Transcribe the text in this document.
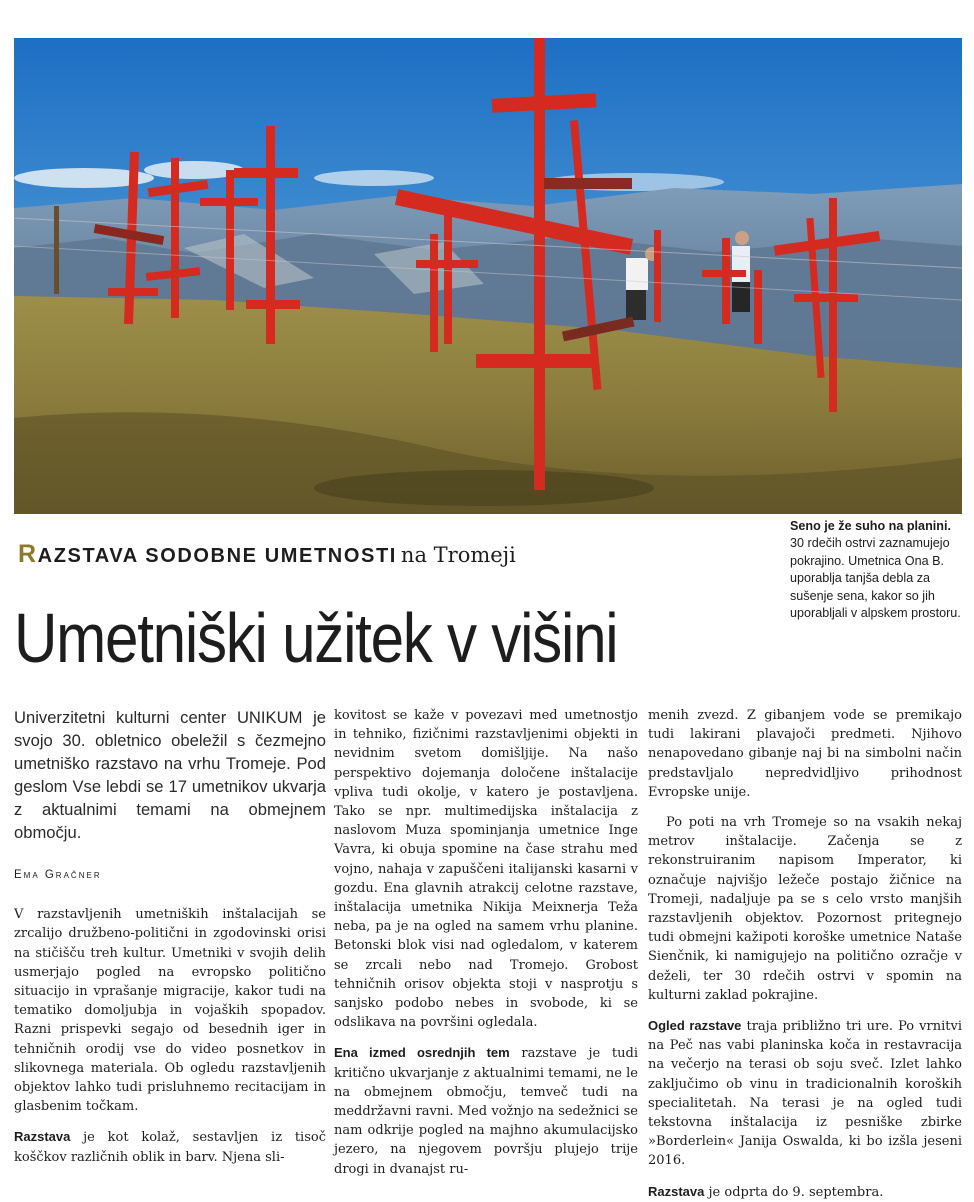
Seno je že suho na planini. 30 rdečih ostrvi zaznamujejo pokrajino. Umetnica Ona B. uporablja tanjša debla za sušenje sena, kakor so jih uporabljali v alpskem prostoru.
RAZSTAVA SODOBNE UMETNOSTI na Tromeji
Umetniški užitek v višini

Univerzitetni kulturni center UNIKUM je svojo 30. obletnico obeležil s čezmejno umetniško razstavo na vrhu Tromeje. Pod geslom Vse lebdi se 17 umetnikov ukvarja z aktualnimi temami na obmejnem območju.

Ema Gračner

V razstavljenih umetniških inštalacijah se zrcalijo družbeno-politični in zgodovinski orisi na stičišču treh kultur. Umetniki v svojih delih usmerjajo pogled na evropsko politično situacijo in vprašanje migracije, kakor tudi na tematiko domoljubja in vojaških spopadov. Razni prispevki segajo od besednih iger in tehničnih orodij vse do video posnetkov in slikovnega materiala. Ob ogledu razstavljenih objektov lahko tudi prisluhnemo recitacijam in glasbenim točkam.

Razstava je kot kolaž, sestavljen iz tisoč koščkov različnih oblik in barv. Njena sli-

kovitost se kaže v povezavi med umetnostjo in tehniko, fizičnimi razstavljenimi objekti in nevidnim svetom domišljije. Na našo perspektivo dojemanja določene inštalacije vpliva tudi okolje, v katero je postavljena. Tako se npr. multimedijska inštalacija z naslovom Muza spominjanja umetnice Inge Vavra, ki obuja spomine na čase strahu med vojno, nahaja v zapuščeni italijanski kasarni v gozdu. Ena glavnih atrakcij celotne razstave, inštalacija umetnika Nikija Meixnerja Teža neba, pa je na ogled na samem vrhu planine. Betonski blok visi nad ogledalom, v katerem se zrcali nebo nad Tromejo. Grobost tehničnih orisov objekta stoji v nasprotju s sanjsko podobo nebes in svobode, ki se odslikava na površini ogledala.

Ena izmed osrednjih tem razstave je tudi kritično ukvarjanje z aktualnimi temami, ne le na obmejnem območju, temveč tudi na meddržavni ravni. Med vožnjo na sedežnici se nam odkrije pogled na majhno akumulacijsko jezero, na njegovem površju plujejo trije drogi in dvanajst ru-

menih zvezd. Z gibanjem vode se premikajo tudi lakirani plavajoči predmeti. Njihovo nenapovedano gibanje naj bi na simbolni način predstavljalo nepredvidljivo prihodnost Evropske unije.

Po poti na vrh Tromeje so na vsakih nekaj metrov inštalacije. Začenja se z rekonstruiranim napisom Imperator, ki označuje najvišjo ležeče postajo žičnice na Tromeji, nadaljuje pa se s celo vrsto manjših razstavljenih objektov. Pozornost pritegnejo tudi obmejni kažipoti koroške umetnice Nataše Sienčnik, ki namigujejo na politično ozračje v deželi, ter 30 rdečih ostrvi v spomin na kulturni zaklad pokrajine.

Ogled razstave traja približno tri ure. Po vrnitvi na Peč nas vabi planinska koča in restavracija na večerjo na terasi ob soju sveč. Izlet lahko zaključimo ob vinu in tradicionalnih koroških specialitetah. Na terasi je na ogled tudi tekstovna inštalacija iz pesniške zbirke »Borderlein« Janija Oswalda, ki bo izšla jeseni 2016.

Razstava je odprta do 9. septembra.
